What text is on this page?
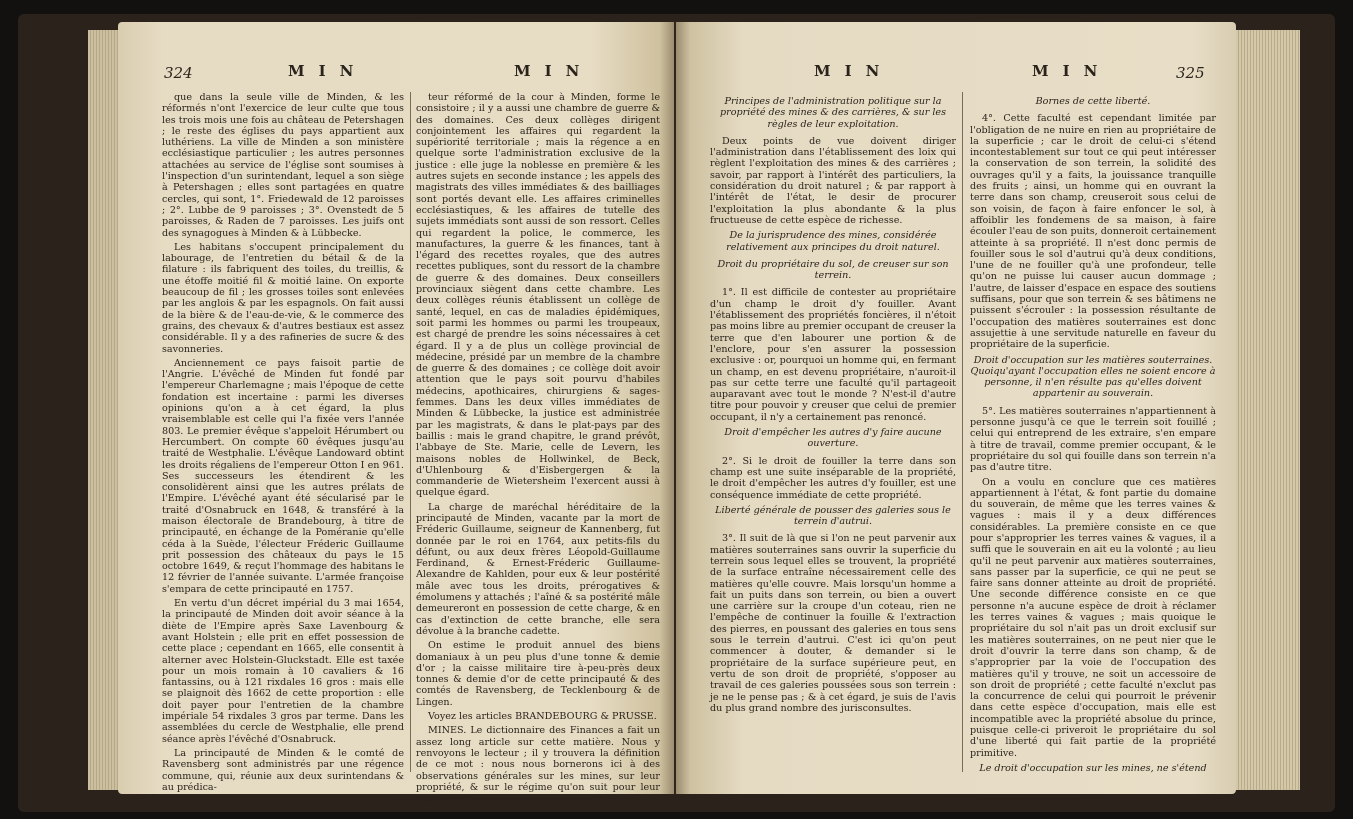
324	MIN	MIN

que dans la seule ville de Minden, & les réformés n'ont l'exercice de leur culte que tous les trois mois une fois au château de Petershagen ; le reste des églises du pays appartient aux luthériens. La ville de Minden a son ministère ecclésiastique particulier ; les autres personnes attachées au service de l'église sont soumises à l'inspection d'un surintendant, lequel a son siège à Petershagen ; elles sont partagées en quatre cercles, qui sont, 1°. Friedewald de 12 paroisses ; 2°. Lubbe de 9 paroisses ; 3°. Ovenstedt de 5 paroisses, & Raden de 7 paroisses. Les juifs ont des synagogues à Minden & à Lübbecke.

Les habitans s'occupent principalement du labourage, de l'entretien du bétail & de la filature : ils fabriquent des toiles, du treillis, & une étoffe moitié fil & moitié laine. On exporte beaucoup de fil ; les grosses toiles sont enlevées par les anglois & par les espagnols. On fait aussi de la bière & de l'eau-de-vie, & le commerce des grains, des chevaux & d'autres bestiaux est assez considérable. Il y a des rafineries de sucre & des savonneries.

Anciennement ce pays faisoit partie de l'Angrie. L'évêché de Minden fut fondé par l'empereur Charlemagne ; mais l'époque de cette fondation est incertaine : parmi les diverses opinions qu'on a à cet égard, la plus vraisemblable est celle qui l'a fixée vers l'année 803. Le premier évêque s'appeloit Hérumbert ou Hercumbert. On compte 60 évêques jusqu'au traité de Westphalie. L'évêque Landoward obtint les droits régaliens de l'empereur Otton I en 961. Ses successeurs les étendirent & les consolidèrent ainsi que les autres prélats de l'Empire. L'évêché ayant été sécularisé par le traité d'Osnabruck en 1648, & transféré à la maison électorale de Brandebourg, à titre de principauté, en échange de la Poméranie qu'elle céda à la Suède, l'électeur Fréderic Guillaume prit possession des châteaux du pays le 15 octobre 1649, & reçut l'hommage des habitans le 12 février de l'année suivante. L'armée françoise s'empara de cette principauté en 1757.

En vertu d'un décret impérial du 3 mai 1654, la principauté de Minden doit avoir séance à la diète de l'Empire après Saxe Lavenbourg & avant Holstein ; elle prit en effet possession de cette place ; cependant en 1665, elle consentit à alterner avec Holstein-Gluckstadt. Elle est taxée pour un mois romain à 10 cavaliers & 16 fantassins, ou à 121 rixdales 16 gros : mais elle se plaignoit dès 1662 de cette proportion : elle doit payer pour l'entretien de la chambre impériale 54 rixdales 3 gros par terme. Dans les assemblées du cercle de Westphalie, elle prend séance après l'évêché d'Osnabruck.

La principauté de Minden & le comté de Ravensberg sont administrés par une régence commune, qui, réunie aux deux surintendans & au prédica-

teur réformé de la cour à Minden, forme le consistoire ; il y a aussi une chambre de guerre & des domaines. Ces deux collèges dirigent conjointement les affaires qui regardent la supériorité territoriale ; mais la régence a en quelque sorte l'administration exclusive de la justice : elle juge la noblesse en première & les autres sujets en seconde instance ; les appels des magistrats des villes immédiates & des bailliages sont portés devant elle. Les affaires criminelles ecclésiastiques, & les affaires de tutelle des sujets immédiats sont aussi de son ressort. Celles qui regardent la police, le commerce, les manufactures, la guerre & les finances, tant à l'égard des recettes royales, que des autres recettes publiques, sont du ressort de la chambre de guerre & des domaines. Deux conseillers provinciaux siègent dans cette chambre. Les deux collèges réunis établissent un collège de santé, lequel, en cas de maladies épidémiques, soit parmi les hommes ou parmi les troupeaux, est chargé de prendre les soins nécessaires à cet égard. Il y a de plus un collège provincial de médecine, présidé par un membre de la chambre de guerre & des domaines ; ce collège doit avoir attention que le pays soit pourvu d'habiles médecins, apothicaires, chirurgiens & sages-femmes. Dans les deux villes immédiates de Minden & Lübbecke, la justice est administrée par les magistrats, & dans le plat-pays par des baillis : mais le grand chapitre, le grand prévôt, l'abbaye de Ste. Marie, celle de Levern, les maisons nobles de Hollwinkel, de Beck, d'Uhlenbourg & d'Eisbergergen & la commanderie de Wietersheim l'exercent aussi à quelque égard.

La charge de maréchal héréditaire de la principauté de Minden, vacante par la mort de Fréderic Guillaume, seigneur de Kannenberg, fut donnée par le roi en 1764, aux petits-fils du défunt, ou aux deux frères Léopold-Guillaume Ferdinand, & Ernest-Fréderic Guillaume-Alexandre de Kahlden, pour eux & leur postérité mâle avec tous les droits, prérogatives & émolumens y attachés ; l'aîné & sa postérité mâle demeureront en possession de cette charge, & en cas d'extinction de cette branche, elle sera dévolue à la branche cadette.

On estime le produit annuel des biens domaniaux à un peu plus d'une tonne & demie d'or ; la caisse militaire tire à-peu-près deux tonnes & demie d'or de cette principauté & des comtés de Ravensberg, de Tecklenbourg & de Lingen.

Voyez les articles BRANDEBOURG & PRUSSE.

MINES. Le dictionnaire des Finances a fait un assez long article sur cette matière. Nous y renvoyons le lecteur ; il y trouvera la définition de ce mot : nous nous bornerons ici à des observations générales sur les mines, sur leur propriété, & sur le régime qu'on suit pour leur exploitation.

MIN	MIN	325

Principes de l'administration politique sur la propriété des mines & des carrières, & sur les règles de leur exploitation.

Deux points de vue doivent diriger l'administration dans l'établissement des loix qui règlent l'exploitation des mines & des carrières ; savoir, par rapport à l'intérêt des particuliers, la considération du droit naturel ; & par rapport à l'intérêt de l'état, le desir de procurer l'exploitation la plus abondante & la plus fructueuse de cette espèce de richesse.

De la jurisprudence des mines, considérée relativement aux principes du droit naturel.

Droit du propriétaire du sol, de creuser sur son terrein.

1°. Il est difficile de contester au propriétaire d'un champ le droit d'y fouiller. Avant l'établissement des propriétés foncières, il n'étoit pas moins libre au premier occupant de creuser la terre que d'en labourer une portion & de l'enclore, pour s'en assurer la possession exclusive : or, pourquoi un homme qui, en fermant un champ, en est devenu propriétaire, n'auroit-il pas sur cette terre une faculté qu'il partageoit auparavant avec tout le monde ? N'est-il d'autre titre pour pouvoir y creuser que celui de premier occupant, il n'y a certainement pas renoncé.

Droit d'empêcher les autres d'y faire aucune ouverture.

2°. Si le droit de fouiller la terre dans son champ est une suite inséparable de la propriété, le droit d'empêcher les autres d'y fouiller, est une conséquence immédiate de cette propriété.

Liberté générale de pousser des galeries sous le terrein d'autrui.

3°. Il suit de là que si l'on ne peut parvenir aux matières souterraines sans ouvrir la superficie du terrein sous lequel elles se trouvent, la propriété de la surface entraîne nécessairement celle des matières qu'elle couvre. Mais lorsqu'un homme a fait un puits dans son terrein, ou bien a ouvert une carrière sur la croupe d'un coteau, rien ne l'empêche de continuer la fouille & l'extraction des pierres, en poussant des galeries en tous sens sous le terrein d'autrui. C'est ici qu'on peut commencer à douter, & demander si le propriétaire de la surface supérieure peut, en vertu de son droit de propriété, s'opposer au travail de ces galeries poussées sous son terrein : je ne le pense pas ; & à cet égard, je suis de l'avis du plus grand nombre des jurisconsultes.

Bornes de cette liberté.

4°. Cette faculté est cependant limitée par l'obligation de ne nuire en rien au propriétaire de la superficie ; car le droit de celui-ci s'étend incontestablement sur tout ce qui peut intéresser la conservation de son terrein, la solidité des ouvrages qu'il y a faits, la jouissance tranquille des fruits ; ainsi, un homme qui en ouvrant la terre dans son champ, creuseroit sous celui de son voisin, de façon à faire enfoncer le sol, à affoiblir les fondemens de sa maison, à faire écouler l'eau de son puits, donneroit certainement atteinte à sa propriété. Il n'est donc permis de fouiller sous le sol d'autrui qu'à deux conditions, l'une de ne fouiller qu'à une profondeur, telle qu'on ne puisse lui causer aucun dommage ; l'autre, de laisser d'espace en espace des soutiens suffisans, pour que son terrein & ses bâtimens ne puissent s'écrouler : la possession résultante de l'occupation des matières souterraines est donc assujettie à une servitude naturelle en faveur du propriétaire de la superficie.

Droit d'occupation sur les matières souterraines. Quoiqu'ayant l'occupation elles ne soient encore à personne, il n'en résulte pas qu'elles doivent appartenir au souverain.

5°. Les matières souterraines n'appartiennent à personne jusqu'à ce que le terrein soit fouillé ; celui qui entreprend de les extraire, s'en empare à titre de travail, comme premier occupant, & le propriétaire du sol qui fouille dans son terrein n'a pas d'autre titre.

On a voulu en conclure que ces matières appartiennent à l'état, & font partie du domaine du souverain, de même que les terres vaines & vagues : mais il y a deux différences considérables. La première consiste en ce que pour s'approprier les terres vaines & vagues, il a suffi que le souverain en ait eu la volonté ; au lieu qu'il ne peut parvenir aux matières souterraines, sans passer par la superficie, ce qui ne peut se faire sans donner atteinte au droit de propriété. Une seconde différence consiste en ce que personne n'a aucune espèce de droit à réclamer les terres vaines & vagues ; mais quoique le propriétaire du sol n'ait pas un droit exclusif sur les matières souterraines, on ne peut nier que le droit d'ouvrir la terre dans son champ, & de s'approprier par la voie de l'occupation des matières qu'il y trouve, ne soit un accessoire de son droit de propriété ; cette faculté n'exclut pas la concurrence de celui qui pourroit le prévenir dans cette espèce d'occupation, mais elle est incompatible avec la propriété absolue du prince, puisque celle-ci priveroit le propriétaire du sol d'une liberté qui fait partie de la propriété primitive.

Le droit d'occupation sur les mines, ne s'étend
